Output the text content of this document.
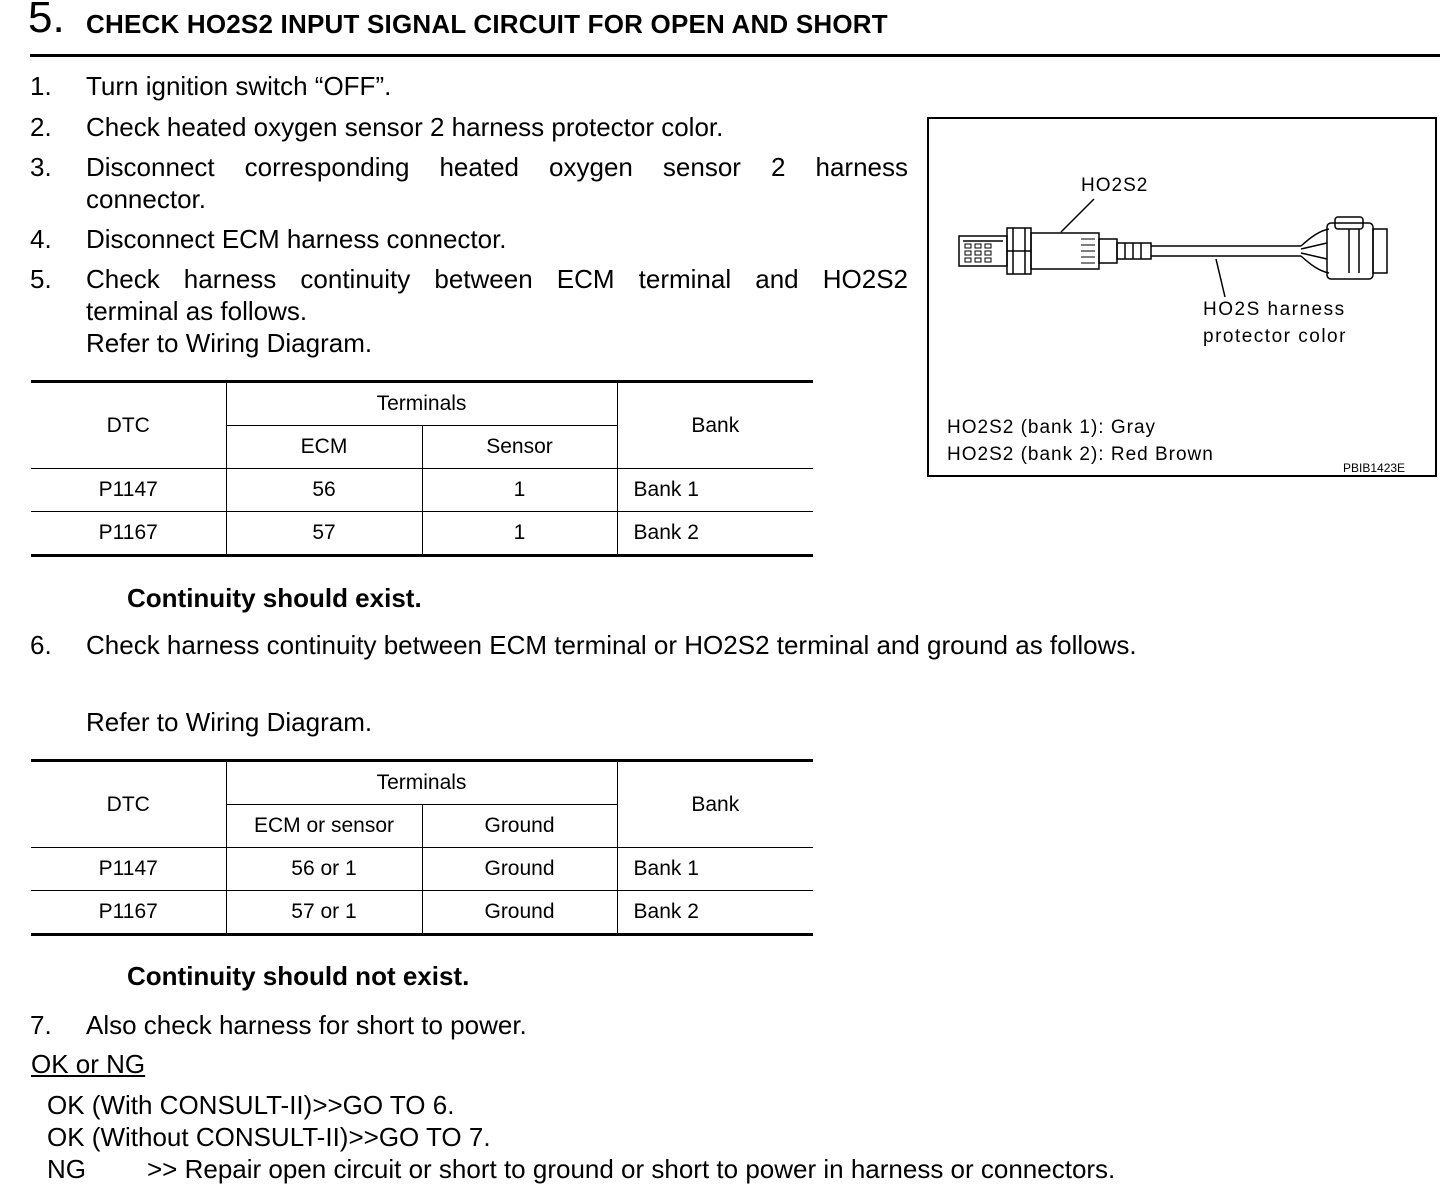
5. CHECK HO2S2 INPUT SIGNAL CIRCUIT FOR OPEN AND SHORT
1.	Turn ignition switch “OFF”.
2.	Check heated oxygen sensor 2 harness protector color.
3.	Disconnect corresponding heated oxygen sensor 2 harness
connector.
4.	Disconnect ECM harness connector.
5.	Check harness continuity between ECM terminal and HO2S2
terminal as follows.
Refer to Wiring Diagram.
DTC	Terminals		Bank
	ECM	Sensor	
P1147	56	1	Bank 1
P1167	57	1	Bank 2
Continuity should exist.
6.	Check harness continuity between ECM terminal or HO2S2 terminal and ground as follows.
Refer to Wiring Diagram.
DTC	Terminals		Bank
	ECM or sensor	Ground	
P1147	56 or 1	Ground	Bank 1
P1167	57 or 1	Ground	Bank 2
Continuity should not exist.
7.	Also check harness for short to power.
OK or NG
OK (With CONSULT-II)>>GO TO 6.
OK (Without CONSULT-II)>>GO TO 7.
NG >> Repair open circuit or short to ground or short to power in harness or connectors.
HO2S2
HO2S harness
protector color
HO2S2 (bank 1): Gray
HO2S2 (bank 2): Red Brown
PBIB1423E
